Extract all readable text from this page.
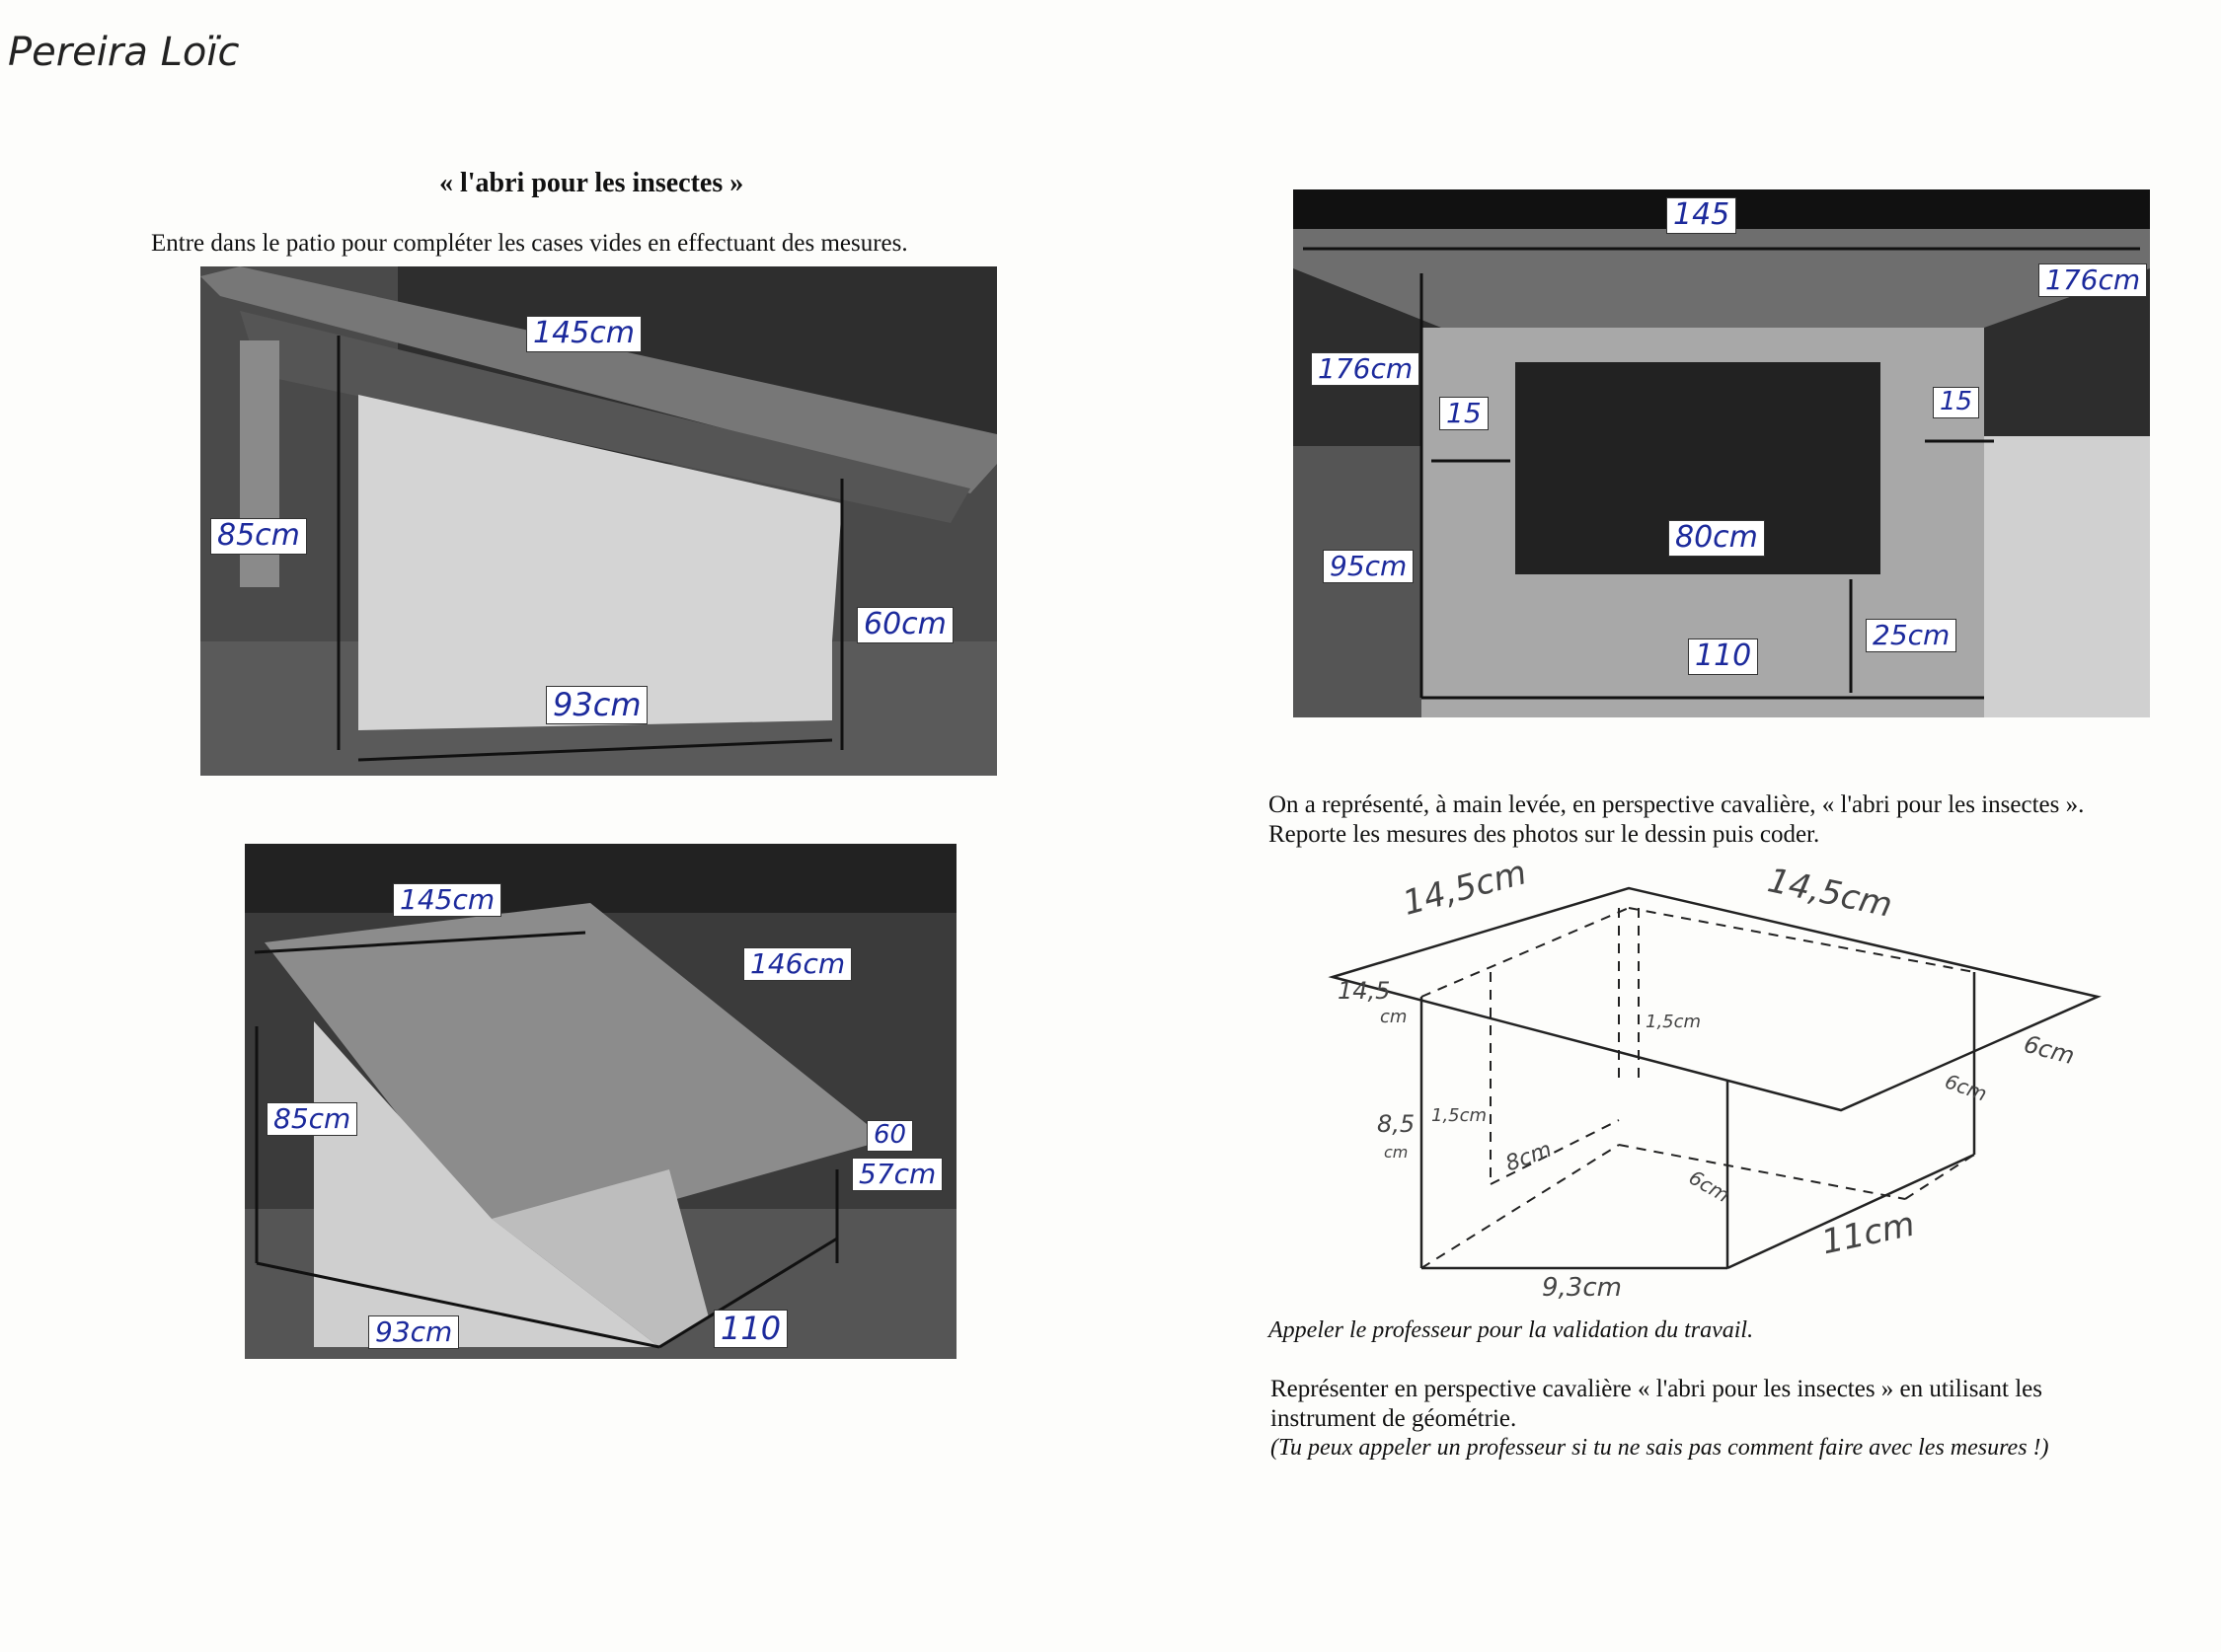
Pereira Loïc
« l'abri pour les insectes »
Entre dans le patio pour compléter les cases vides en effectuant des mesures.
145cm
85cm
60cm
93cm
145cm
146cm
85cm	60
57cm
93cm	110
145
176cm
176cm
15	15
80cm
95cm
25cm
110
On a représenté, à main levée, en perspective cavalière, « l'abri pour les insectes ».
Reporte les mesures des photos sur le dessin puis coder.
14,5cm	14,5cm
14,5
cm	1,5cm
6cm
6cm
8,5
cm
1,5cm
8cm
6cm
11cm
9,3cm
Appeler le professeur pour la validation du travail.
Représenter en perspective cavalière « l'abri pour les insectes » en utilisant les
instrument de géométrie.
(Tu peux appeler un professeur si tu ne sais pas comment faire avec les mesures !)
